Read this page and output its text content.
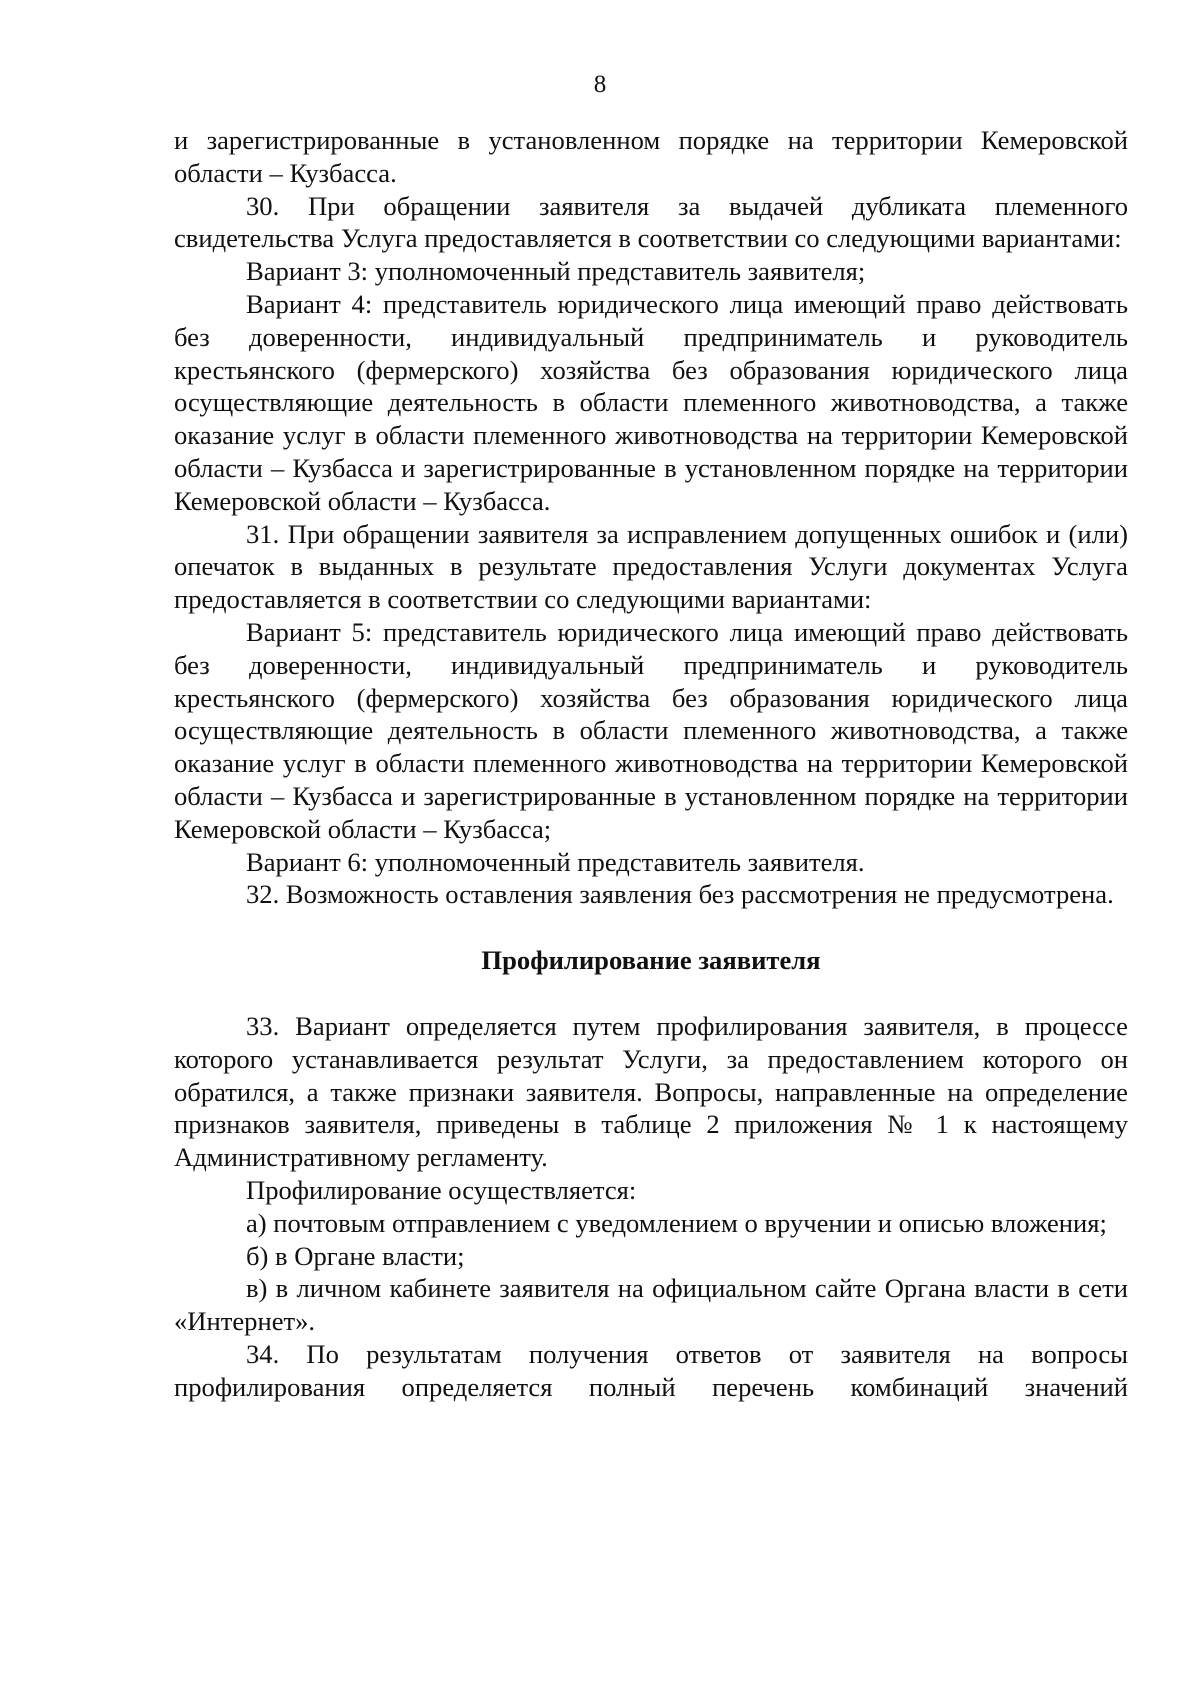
8

и зарегистрированные в установленном порядке на территории Кемеровской области – Кузбасса.

30. При обращении заявителя за выдачей дубликата племенного свидетельства Услуга предоставляется в соответствии со следующими вариантами:

Вариант 3: уполномоченный представитель заявителя;

Вариант 4: представитель юридического лица имеющий право действовать без доверенности, индивидуальный предприниматель и руководитель крестьянского (фермерского) хозяйства без образования юридического лица осуществляющие деятельность в области племенного животноводства, а также оказание услуг в области племенного животноводства на территории Кемеровской области – Кузбасса и зарегистрированные в установленном порядке на территории Кемеровской области – Кузбасса.

31. При обращении заявителя за исправлением допущенных ошибок и (или) опечаток в выданных в результате предоставления Услуги документах Услуга предоставляется в соответствии со следующими вариантами:

Вариант 5: представитель юридического лица имеющий право действовать без доверенности, индивидуальный предприниматель и руководитель крестьянского (фермерского) хозяйства без образования юридического лица осуществляющие деятельность в области племенного животноводства, а также оказание услуг в области племенного животноводства на территории Кемеровской области – Кузбасса и зарегистрированные в установленном порядке на территории Кемеровской области – Кузбасса;

Вариант 6: уполномоченный представитель заявителя.

32. Возможность оставления заявления без рассмотрения не предусмотрена.

Профилирование заявителя

33. Вариант определяется путем профилирования заявителя, в процессе которого устанавливается результат Услуги, за предоставлением которого он обратился, а также признаки заявителя. Вопросы, направленные на определение признаков заявителя, приведены в таблице 2 приложения № 1 к настоящему Административному регламенту.

Профилирование осуществляется:

а) почтовым отправлением с уведомлением о вручении и описью вложения;

б) в Органе власти;

в) в личном кабинете заявителя на официальном сайте Органа власти в сети «Интернет».

34. По результатам получения ответов от заявителя на вопросы профилирования определяется полный перечень комбинаций значений
